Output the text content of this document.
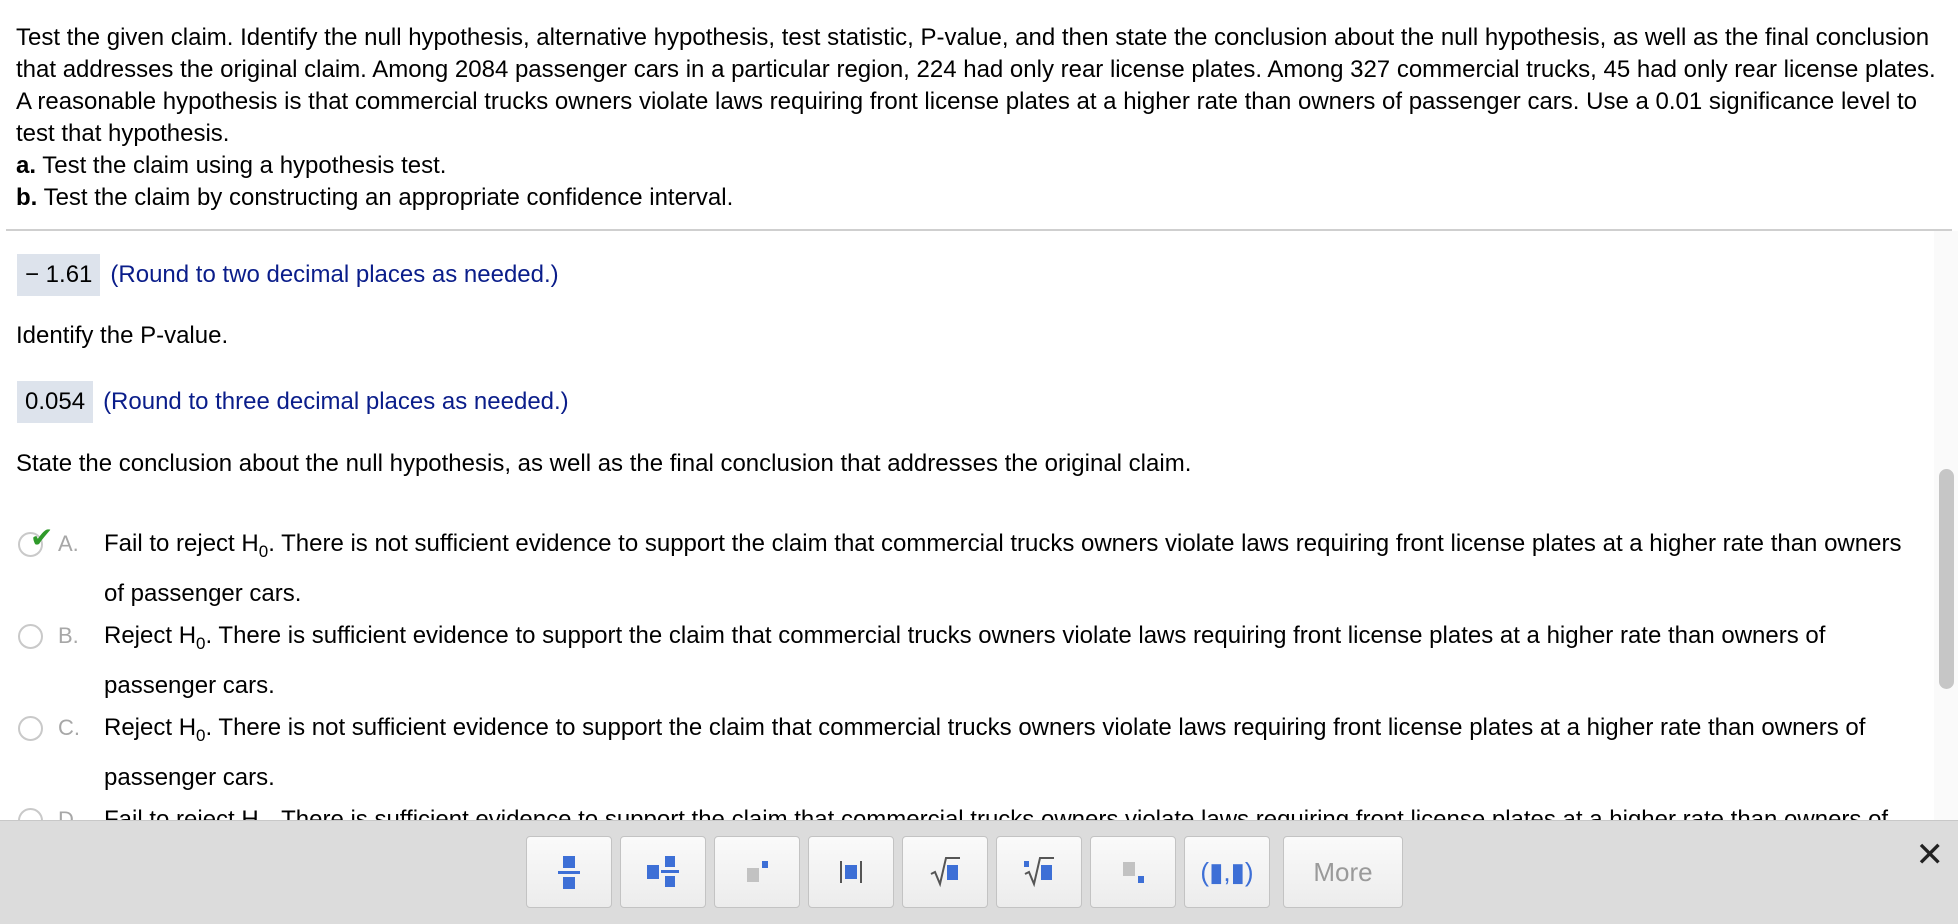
Test the given claim. Identify the null hypothesis, alternative hypothesis, test statistic, P-value, and then state the conclusion about the null hypothesis, as well as the final conclusion that addresses the original claim. Among 2084 passenger cars in a particular region, 224 had only rear license plates. Among 327 commercial trucks, 45 had only rear license plates. A reasonable hypothesis is that commercial trucks owners violate laws requiring front license plates at a higher rate than owners of passenger cars. Use a 0.01 significance level to test that hypothesis.
a. Test the claim using a hypothesis test.
b. Test the claim by constructing an appropriate confidence interval.
− 1.61 (Round to two decimal places as needed.)
Identify the P-value.
0.054 (Round to three decimal places as needed.)
State the conclusion about the null hypothesis, as well as the final conclusion that addresses the original claim.
✔ A. Fail to reject $H_0$. There is not sufficient evidence to support the claim that commercial trucks owners violate laws requiring front license plates at a higher rate than owners of passenger cars.
B. Reject $H_0$. There is sufficient evidence to support the claim that commercial trucks owners violate laws requiring front license plates at a higher rate than owners of passenger cars.
C. Reject $H_0$. There is not sufficient evidence to support the claim that commercial trucks owners violate laws requiring front license plates at a higher rate than owners of passenger cars.
(▮,▮) More	✕
